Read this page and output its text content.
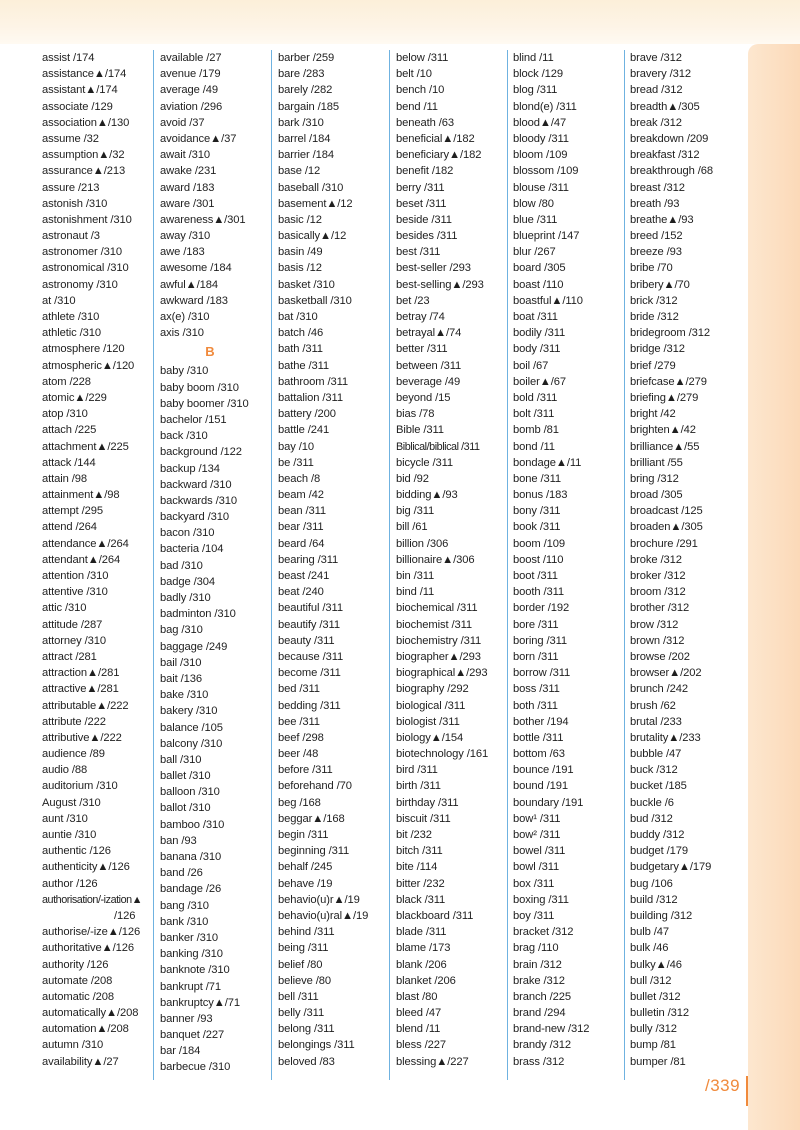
assist /174
assistance▲/174
assistant▲/174
associate /129
association▲/130
assume /32
assumption▲/32
assurance▲/213
assure /213
astonish /310
astonishment /310
astronaut /3
astronomer /310
astronomical /310
astronomy /310
at /310
athlete /310
athletic /310
atmosphere /120
atmospheric▲/120
atom /228
atomic▲/229
atop /310
attach /225
attachment▲/225
attack /144
attain /98
attainment▲/98
attempt /295
attend /264
attendance▲/264
attendant▲/264
attention /310
attentive /310
attic /310
attitude /287
attorney /310
attract /281
attraction▲/281
attractive▲/281
attributable▲/222
attribute /222
attributive▲/222
audience /89
audio /88
auditorium /310
August /310
aunt /310
auntie /310
authentic /126
authenticity▲/126
author /126
authorisation/-ization▲
/126
authorise/-ize▲/126
authoritative▲/126
authority /126
automate /208
automatic /208
automatically▲/208
automation▲/208
autumn /310
availability▲/27
available /27
avenue /179
average /49
aviation /296
avoid /37
avoidance▲/37
await /310
awake /231
award /183
aware /301
awareness▲/301
away /310
awe /183
awesome /184
awful▲/184
awkward /183
ax(e) /310
axis /310
B
baby /310
baby boom /310
baby boomer /310
bachelor /151
back /310
background /122
backup /134
backward /310
backwards /310
backyard /310
bacon /310
bacteria /104
bad /310
badge /304
badly /310
badminton /310
bag /310
baggage /249
bail /310
bait /136
bake /310
bakery /310
balance /105
balcony /310
ball /310
ballet /310
balloon /310
ballot /310
bamboo /310
ban /93
banana /310
band /26
bandage /26
bang /310
bank /310
banker /310
banking /310
banknote /310
bankrupt /71
bankruptcy▲/71
banner /93
banquet /227
bar /184
barbecue /310
barber /259
bare /283
barely /282
bargain /185
bark /310
barrel /184
barrier /184
base /12
baseball /310
basement▲/12
basic /12
basically▲/12
basin /49
basis /12
basket /310
basketball /310
bat /310
batch /46
bath /311
bathe /311
bathroom /311
battalion /311
battery /200
battle /241
bay /10
be /311
beach /8
beam /42
bean /311
bear /311
beard /64
bearing /311
beast /241
beat /240
beautiful /311
beautify /311
beauty /311
because /311
become /311
bed /311
bedding /311
bee /311
beef /298
beer /48
before /311
beforehand /70
beg /168
beggar▲/168
begin /311
beginning /311
behalf /245
behave /19
behavio(u)r▲/19
behavio(u)ral▲/19
behind /311
being /311
belief /80
believe /80
bell /311
belly /311
belong /311
belongings /311
beloved /83
below /311
belt /10
bench /10
bend /11
beneath /63
beneficial▲/182
beneficiary▲/182
benefit /182
berry /311
beset /311
beside /311
besides /311
best /311
best-seller /293
best-selling▲/293
bet /23
betray /74
betrayal▲/74
better /311
between /311
beverage /49
beyond /15
bias /78
Bible /311
Biblical/biblical /311
bicycle /311
bid /92
bidding▲/93
big /311
bill /61
billion /306
billionaire▲/306
bin /311
bind /11
biochemical /311
biochemist /311
biochemistry /311
biographer▲/293
biographical▲/293
biography /292
biological /311
biologist /311
biology▲/154
biotechnology /161
bird /311
birth /311
birthday /311
biscuit /311
bit /232
bitch /311
bite /114
bitter /232
black /311
blackboard /311
blade /311
blame /173
blank /206
blanket /206
blast /80
bleed /47
blend /11
bless /227
blessing▲/227
blind /11
block /129
blog /311
blond(e) /311
blood▲/47
bloody /311
bloom /109
blossom /109
blouse /311
blow /80
blue /311
blueprint /147
blur /267
board /305
boast /110
boastful▲/110
boat /311
bodily /311
body /311
boil /67
boiler▲/67
bold /311
bolt /311
bomb /81
bond /11
bondage▲/11
bone /311
bonus /183
bony /311
book /311
boom /109
boost /110
boot /311
booth /311
border /192
bore /311
boring /311
born /311
borrow /311
boss /311
both /311
bother /194
bottle /311
bottom /63
bounce /191
bound /191
boundary /191
bow¹ /311
bow² /311
bowel /311
bowl /311
box /311
boxing /311
boy /311
bracket /312
brag /110
brain /312
brake /312
branch /225
brand /294
brand-new /312
brandy /312
brass /312
brave /312
bravery /312
bread /312
breadth▲/305
break /312
breakdown /209
breakfast /312
breakthrough /68
breast /312
breath /93
breathe▲/93
breed /152
breeze /93
bribe /70
bribery▲/70
brick /312
bride /312
bridegroom /312
bridge /312
brief /279
briefcase▲/279
briefing▲/279
bright /42
brighten▲/42
brilliance▲/55
brilliant /55
bring /312
broad /305
broadcast /125
broaden▲/305
brochure /291
broke /312
broker /312
broom /312
brother /312
brow /312
brown /312
browse /202
browser▲/202
brunch /242
brush /62
brutal /233
brutality▲/233
bubble /47
buck /312
bucket /185
buckle /6
bud /312
buddy /312
budget /179
budgetary▲/179
bug /106
build /312
building /312
bulb /47
bulk /46
bulky▲/46
bull /312
bullet /312
bulletin /312
bully /312
bump /81
bumper /81
/339
